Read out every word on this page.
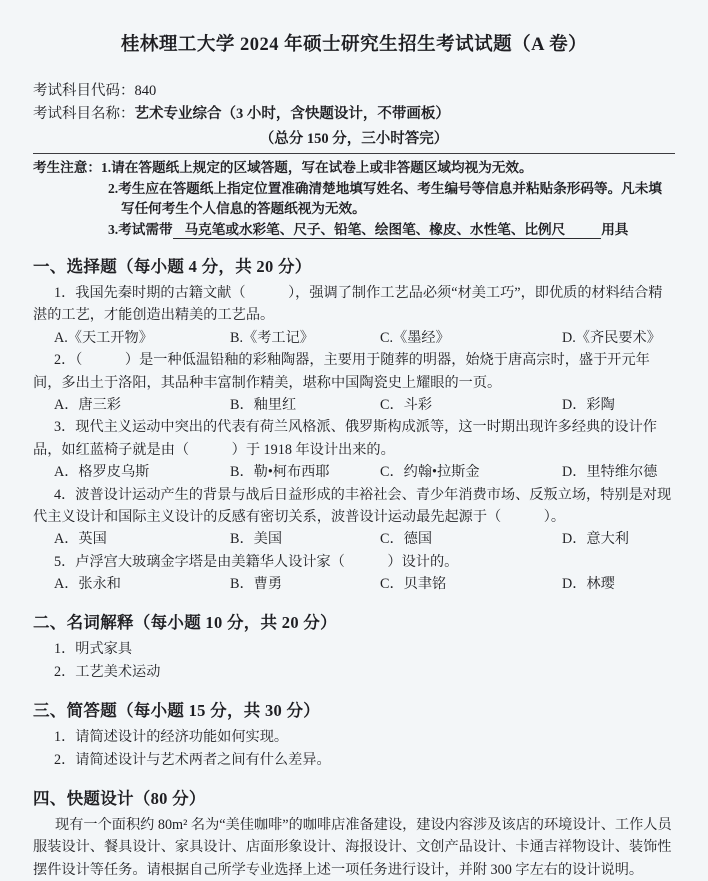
桂林理工大学 2024 年硕士研究生招生考试试题（A 卷）
考试科目代码：840
考试科目名称：艺术专业综合（3 小时，含快题设计，不带画板）
（总分 150 分，三小时答完）
考生注意：1.请在答题纸上规定的区域答题，写在试卷上或非答题区域均视为无效。
2.考生应在答题纸上指定位置准确清楚地填写姓名、考生编号等信息并粘贴条形码等。凡未填写任何考生个人信息的答题纸视为无效。
3.考试需带 马克笔或水彩笔、尺子、铅笔、绘图笔、橡皮、水性笔、比例尺	用具
一、选择题（每小题 4 分，共 20 分）
1．我国先秦时期的古籍文献（　　　），强调了制作工艺品必须“材美工巧”，即优质的材料结合精湛的工艺，才能创造出精美的工艺品。
A.《天工开物》	B.《考工记》	C.《墨经》	D.《齐民要术》
2．（　　　）是一种低温铅釉的彩釉陶器，主要用于随葬的明器，始烧于唐高宗时，盛于开元年间，多出土于洛阳，其品种丰富制作精美，堪称中国陶瓷史上耀眼的一页。
A．唐三彩	B．釉里红	C．斗彩	D．彩陶
3．现代主义运动中突出的代表有荷兰风格派、俄罗斯构成派等，这一时期出现许多经典的设计作品，如红蓝椅子就是由（　　　）于 1918 年设计出来的。
A．格罗皮乌斯	B．勒•柯布西耶	C．约翰•拉斯金	D．里特维尔德
4．波普设计运动产生的背景与战后日益形成的丰裕社会、青少年消费市场、反叛立场，特别是对现代主义设计和国际主义设计的反感有密切关系，波普设计运动最先起源于（　　　）。
A．英国	B．美国	C．德国	D．意大利
5．卢浮宫大玻璃金字塔是由美籍华人设计家（　　　）设计的。
A．张永和	B．曹勇	C．贝聿铭	D．林璎
二、名词解释（每小题 10 分，共 20 分）
1．明式家具
2．工艺美术运动
三、简答题（每小题 15 分，共 30 分）
1．请简述设计的经济功能如何实现。
2．请简述设计与艺术两者之间有什么差异。
四、快题设计（80 分）
现有一个面积约 80m² 名为“美佳咖啡”的咖啡店准备建设，建设内容涉及该店的环境设计、工作人员服装设计、餐具设计、家具设计、店面形象设计、海报设计、文创产品设计、卡通吉祥物设计、装饰性摆件设计等任务。请根据自己所学专业选择上述一项任务进行设计，并附 300 字左右的设计说明。
